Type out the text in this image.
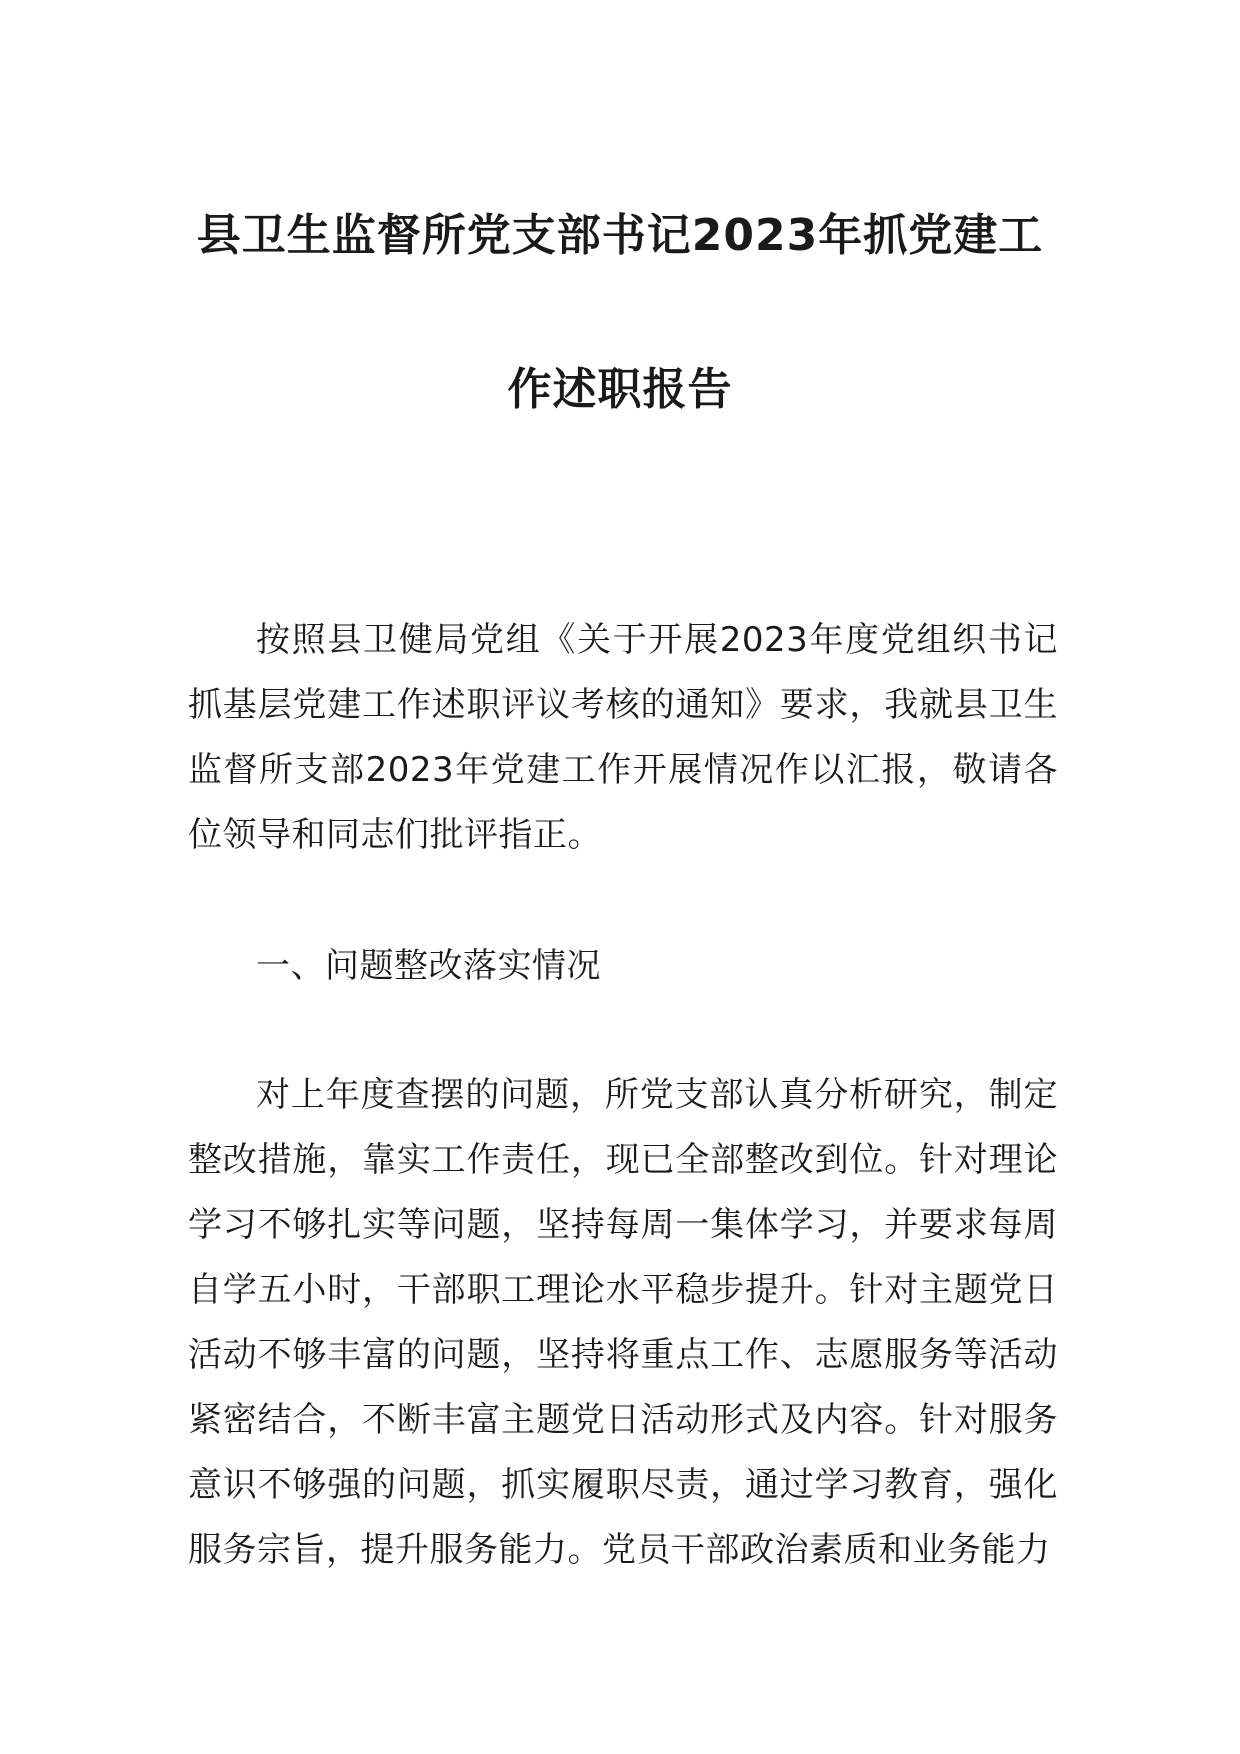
县卫生监督所党支部书记2023年抓党建工
作述职报告

按照县卫健局党组《关于开展2023年度党组织书记抓基层党建工作述职评议考核的通知》要求，我就县卫生监督所支部2023年党建工作开展情况作以汇报，敬请各位领导和同志们批评指正。

一、问题整改落实情况

对上年度查摆的问题，所党支部认真分析研究，制定整改措施，靠实工作责任，现已全部整改到位。针对理论学习不够扎实等问题，坚持每周一集体学习，并要求每周自学五小时，干部职工理论水平稳步提升。针对主题党日活动不够丰富的问题，坚持将重点工作、志愿服务等活动紧密结合，不断丰富主题党日活动形式及内容。针对服务意识不够强的问题，抓实履职尽责，通过学习教育，强化服务宗旨，提升服务能力。党员干部政治素质和业务能力
